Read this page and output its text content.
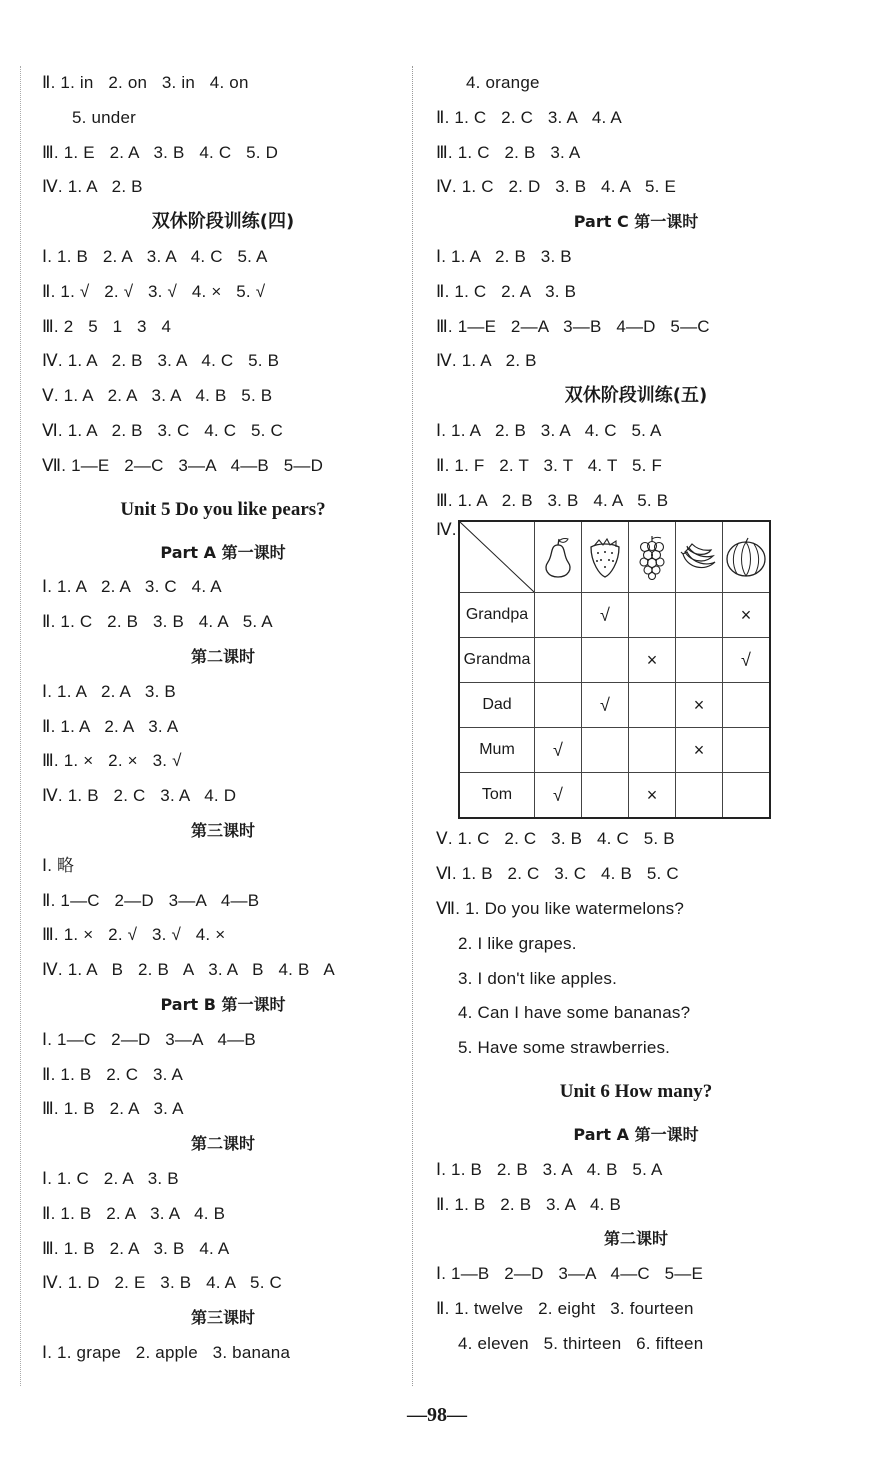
Ⅱ. 1. in   2. on   3. in   4. on
5. under
Ⅲ. 1. E   2. A   3. B   4. C   5. D
Ⅳ. 1. A   2. B
双休阶段训练(四)
Ⅰ. 1. B   2. A   3. A   4. C   5. A
Ⅱ. 1. √   2. √   3. √   4. ×   5. √
Ⅲ. 2   5   1   3   4
Ⅳ. 1. A   2. B   3. A   4. C   5. B
Ⅴ. 1. A   2. A   3. A   4. B   5. B
Ⅵ. 1. A   2. B   3. C   4. C   5. C
Ⅶ. 1—E   2—C   3—A   4—B   5—D
Unit 5 Do you like pears?
Part A 第一课时
Ⅰ. 1. A   2. A   3. C   4. A
Ⅱ. 1. C   2. B   3. B   4. A   5. A
第二课时
Ⅰ. 1. A   2. A   3. B
Ⅱ. 1. A   2. A   3. A
Ⅲ. 1. ×   2. ×   3. √
Ⅳ. 1. B   2. C   3. A   4. D
第三课时
Ⅰ. 略
Ⅱ. 1—C   2—D   3—A   4—B
Ⅲ. 1. ×   2. √   3. √   4. ×
Ⅳ. 1. A   B   2. B   A   3. A   B   4. B   A
Part B 第一课时
Ⅰ. 1—C   2—D   3—A   4—B
Ⅱ. 1. B   2. C   3. A
Ⅲ. 1. B   2. A   3. A
第二课时
Ⅰ. 1. C   2. A   3. B
Ⅱ. 1. B   2. A   3. A   4. B
Ⅲ. 1. B   2. A   3. B   4. A
Ⅳ. 1. D   2. E   3. B   4. A   5. C
第三课时
Ⅰ. 1. grape   2. apple   3. banana
4. orange
Ⅱ. 1. C   2. C   3. A   4. A
Ⅲ. 1. C   2. B   3. A
Ⅳ. 1. C   2. D   3. B   4. A   5. E
Part C 第一课时
Ⅰ. 1. A   2. B   3. B
Ⅱ. 1. C   2. A   3. B
Ⅲ. 1—E   2—A   3—B   4—D   5—C
Ⅳ. 1. A   2. B
双休阶段训练(五)
Ⅰ. 1. A   2. B   3. A   4. C   5. A
Ⅱ. 1. F   2. T   3. T   4. T   5. F
Ⅲ. 1. A   2. B   3. B   4. A   5. B
Ⅳ.

Grandpa		√			×
Grandma			×		√
Dad		√		×	
Mum	√			×	
Tom	√		×		
Ⅴ. 1. C   2. C   3. B   4. C   5. B
Ⅵ. 1. B   2. C   3. C   4. B   5. C
Ⅶ. 1. Do you like watermelons?
2. I like grapes.
3. I don't like apples.
4. Can I have some bananas?
5. Have some strawberries.
Unit 6 How many?
Part A 第一课时
Ⅰ. 1. B   2. B   3. A   4. B   5. A
Ⅱ. 1. B   2. B   3. A   4. B
第二课时
Ⅰ. 1—B   2—D   3—A   4—C   5—E
Ⅱ. 1. twelve   2. eight   3. fourteen
4. eleven   5. thirteen   6. fifteen
—98—
